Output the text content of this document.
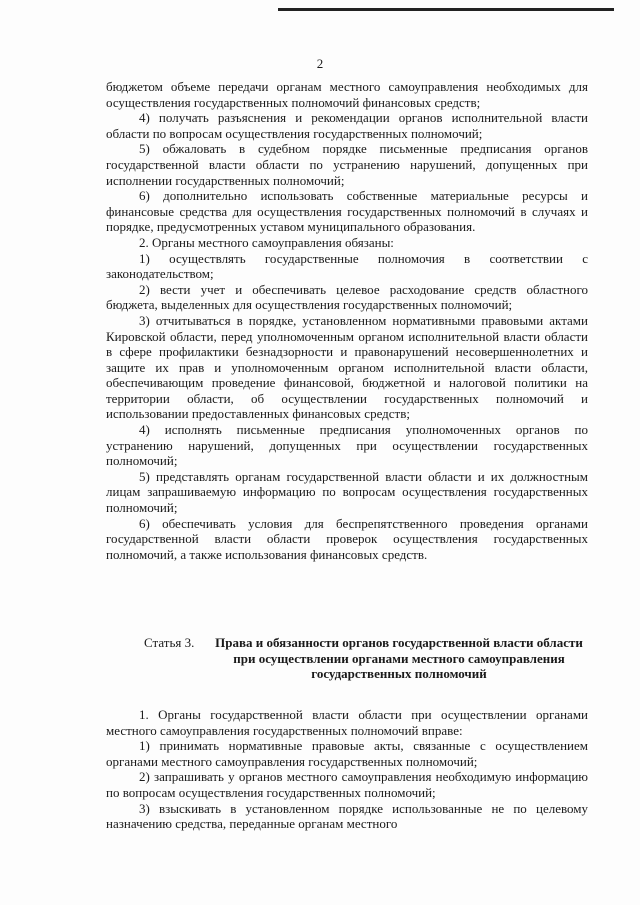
2

бюджетом объеме передачи органам местного самоуправления необходимых для осуществления государственных полномочий финансовых средств;

4) получать разъяснения и рекомендации органов исполнительной власти области по вопросам осуществления государственных полномочий;

5) обжаловать в судебном порядке письменные предписания органов государственной власти области по устранению нарушений, допущенных при исполнении государственных полномочий;

6) дополнительно использовать собственные материальные ресурсы и финансовые средства для осуществления государственных полномочий в случаях и порядке, предусмотренных уставом муниципального образования.

2. Органы местного самоуправления обязаны:

1) осуществлять государственные полномочия в соответствии с законодательством;

2) вести учет и обеспечивать целевое расходование средств областного бюджета, выделенных для осуществления государственных полномочий;

3) отчитываться в порядке, установленном нормативными правовыми актами Кировской области, перед уполномоченным органом исполнительной власти области в сфере профилактики безнадзорности и правонарушений несовершеннолетних и защите их прав и уполномоченным органом исполнительной власти области, обеспечивающим проведение финансовой, бюджетной и налоговой политики на территории области, об осуществлении государственных полномочий и использовании предоставленных финансовых средств;

4) исполнять письменные предписания уполномоченных органов по устранению нарушений, допущенных при осуществлении государственных полномочий;

5) представлять органам государственной власти области и их должностным лицам запрашиваемую информацию по вопросам осуществления государственных полномочий;

6) обеспечивать условия для беспрепятственного проведения органами государственной власти области проверок осуществления государственных полномочий, а также использования финансовых средств.

Статья 3.	Права и обязанности органов государственной власти области при осуществлении органами местного самоуправления государственных полномочий

1. Органы государственной власти области при осуществлении органами местного самоуправления государственных полномочий вправе:

1) принимать нормативные правовые акты, связанные с осуществлением органами местного самоуправления государственных полномочий;

2) запрашивать у органов местного самоуправления необходимую информацию по вопросам осуществления государственных полномочий;

3) взыскивать в установленном порядке использованные не по целевому назначению средства, переданные органам местного
